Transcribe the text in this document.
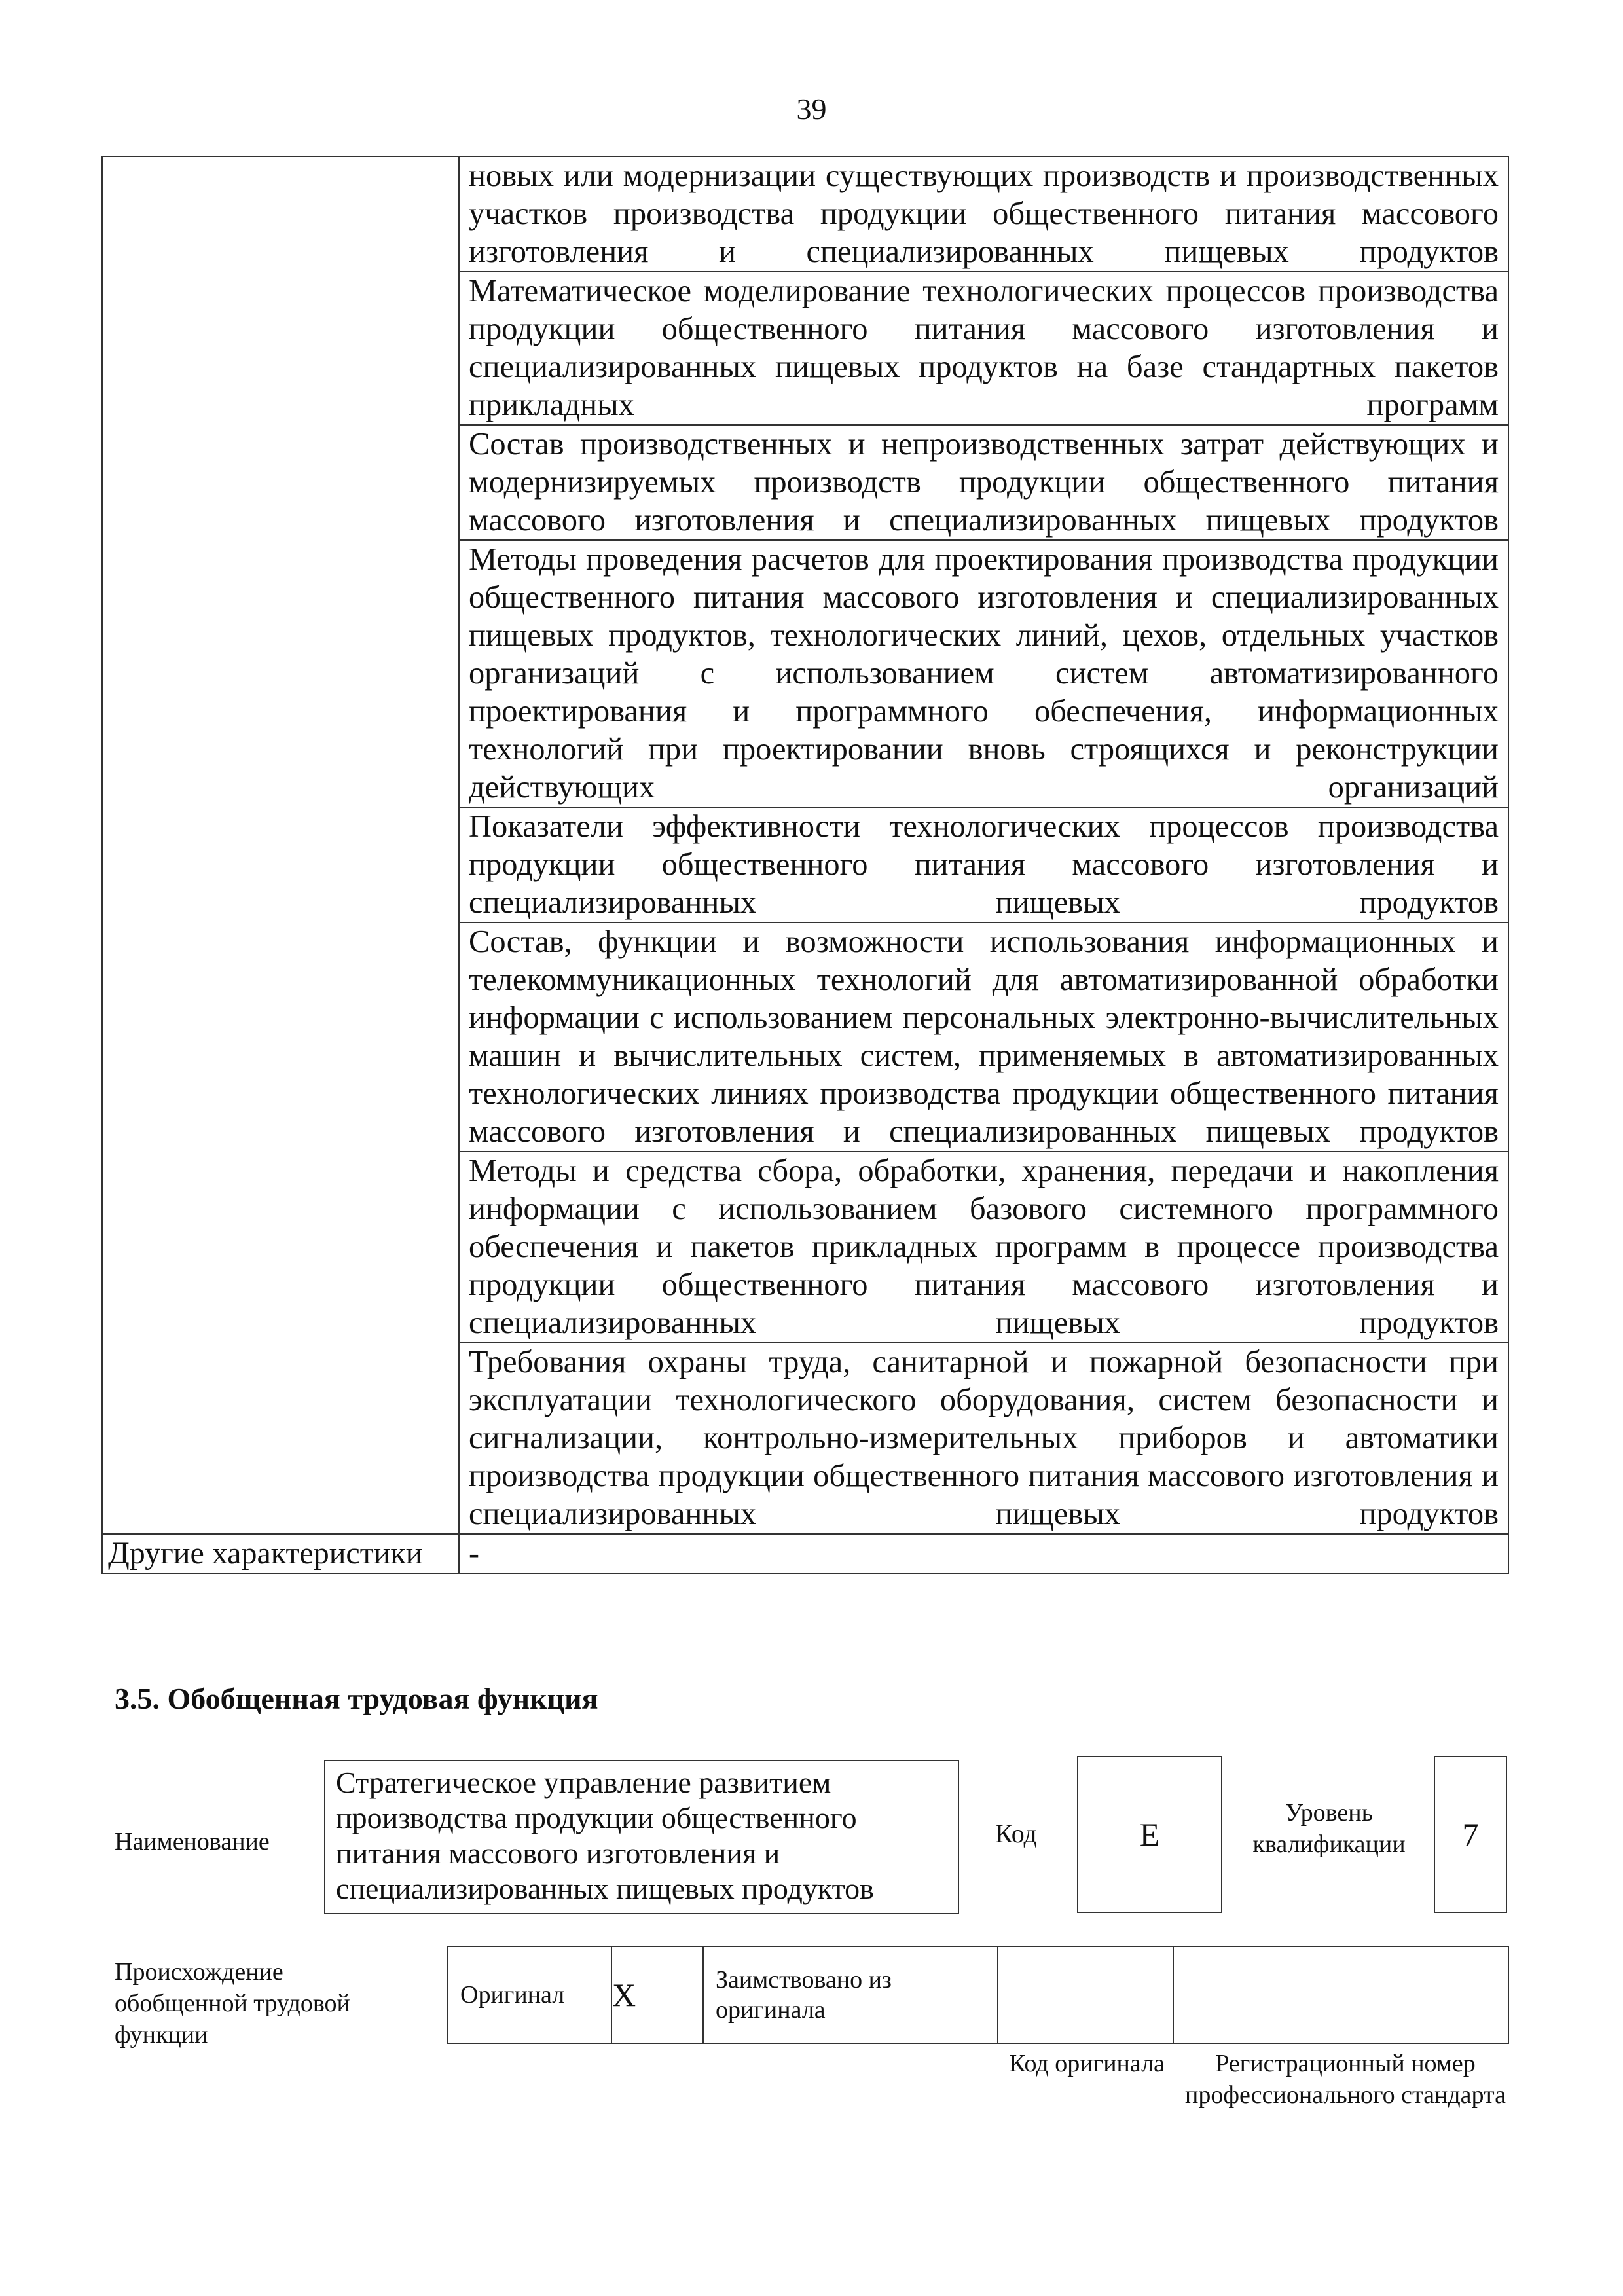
39
	новых или модернизации существующих производств и производственных участков производства продукции общественного питания массового изготовления и специализированных пищевых продуктов
	Математическое моделирование технологических процессов производства продукции общественного питания массового изготовления и специализированных пищевых продуктов на базе стандартных пакетов прикладных программ
	Состав производственных и непроизводственных затрат действующих и модернизируемых производств продукции общественного питания массового изготовления и специализированных пищевых продуктов
	Методы проведения расчетов для проектирования производства продукции общественного питания массового изготовления и специализированных пищевых продуктов, технологических линий, цехов, отдельных участков организаций с использованием систем автоматизированного проектирования и программного обеспечения, информационных технологий при проектировании вновь строящихся и реконструкции действующих организаций
	Показатели эффективности технологических процессов производства продукции общественного питания массового изготовления и специализированных пищевых продуктов
	Состав, функции и возможности использования информационных и телекоммуникационных технологий для автоматизированной обработки информации с использованием персональных электронно-вычислительных машин и вычислительных систем, применяемых в автоматизированных технологических линиях производства продукции общественного питания массового изготовления и специализированных пищевых продуктов
	Методы и средства сбора, обработки, хранения, передачи и накопления информации с использованием базового системного программного обеспечения и пакетов прикладных программ в процессе производства продукции общественного питания массового изготовления и специализированных пищевых продуктов
	Требования охраны труда, санитарной и пожарной безопасности при эксплуатации технологического оборудования, систем безопасности и сигнализации, контрольно-измерительных приборов и автоматики производства продукции общественного питания массового изготовления и специализированных пищевых продуктов
Другие характеристики	-
3.5. Обобщенная трудовая функция
Наименование
Стратегическое управление развитием производства продукции общественного питания массового изготовления и специализированных пищевых продуктов
Код	E
Уровень квалификации	7
Происхождение обобщенной трудовой функции
Оригинал	X	Заимствовано из оригинала		
Код оригинала	Регистрационный номер профессионального стандарта
